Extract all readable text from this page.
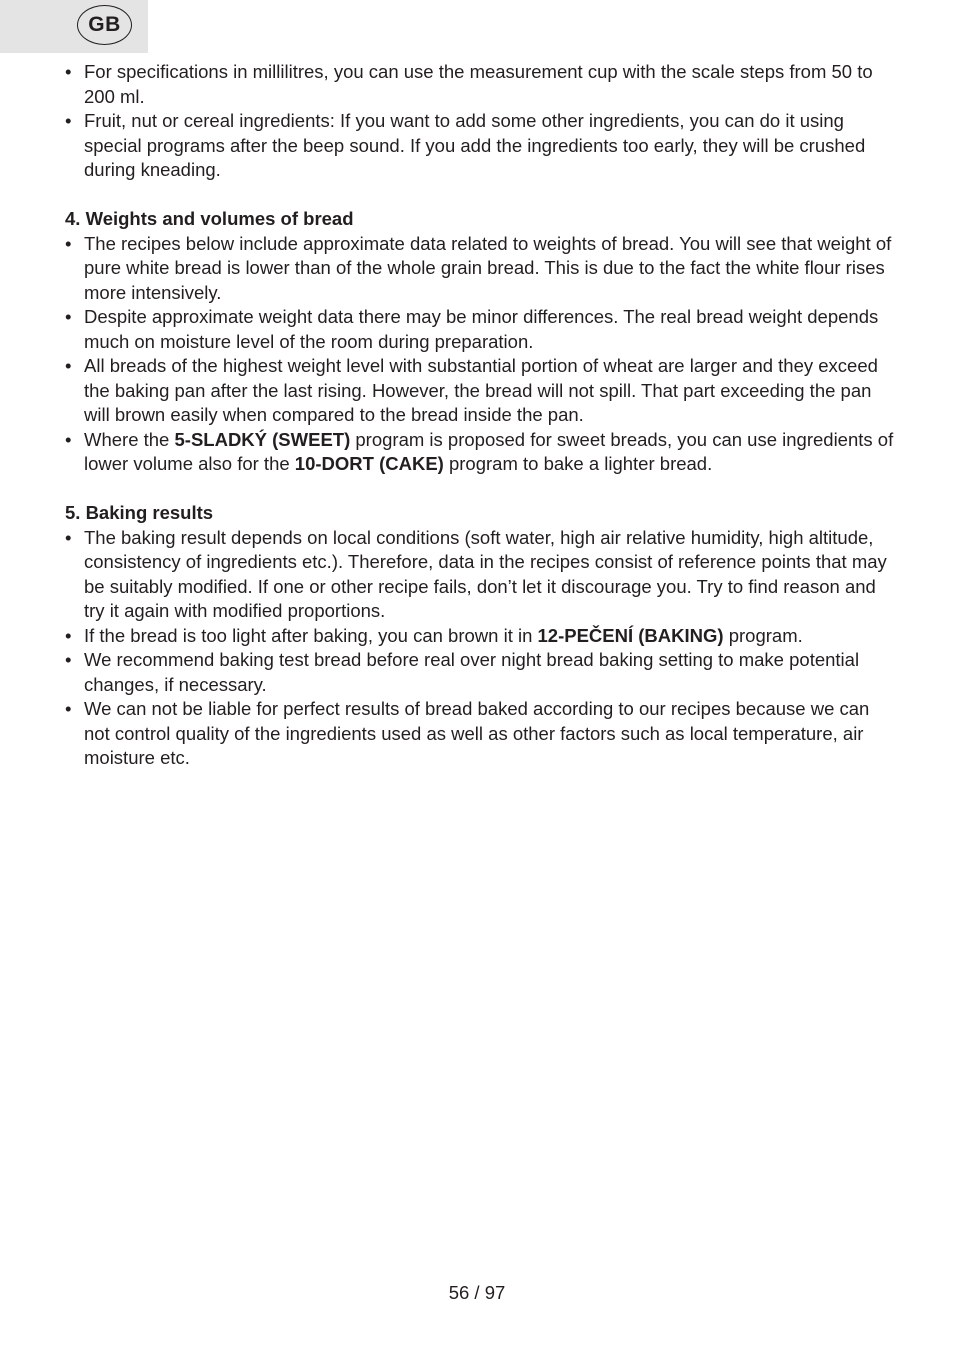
GB
• For specifications in millilitres, you can use the measurement cup with the scale steps from 50 to 200 ml.
• Fruit, nut or cereal ingredients: If you want to add some other ingredients, you can do it using special programs after the beep sound. If you add the ingredients too early, they will be crushed during kneading.
4. Weights and volumes of bread
• The recipes below include approximate data related to weights of bread. You will see that weight of pure white bread is lower than of the whole grain bread. This is due to the fact the white flour rises more intensively.
• Despite approximate weight data there may be minor differences. The real bread weight depends much on moisture level of the room during preparation.
• All breads of the highest weight level with substantial portion of wheat are larger and they exceed the baking pan after the last rising. However, the bread will not spill. That part exceeding the pan will brown easily when compared to the bread inside the pan.
• Where the 5-SLADKÝ (SWEET) program is proposed for sweet breads, you can use ingredients of lower volume also for the 10-DORT (CAKE) program to bake a lighter bread.
5. Baking results
• The baking result depends on local conditions (soft water, high air relative humidity, high altitude, consistency of ingredients etc.). Therefore, data in the recipes consist of reference points that may be suitably modified. If one or other recipe fails, don’t let it discourage you. Try to find reason and try it again with modified proportions.
• If the bread is too light after baking, you can brown it in 12-PEČENÍ (BAKING) program.
• We recommend baking test bread before real over night bread baking setting to make potential changes, if necessary.
• We can not be liable for perfect results of bread baked according to our recipes because we can not control quality of the ingredients used as well as other factors such as local temperature, air moisture etc.
56 / 97
